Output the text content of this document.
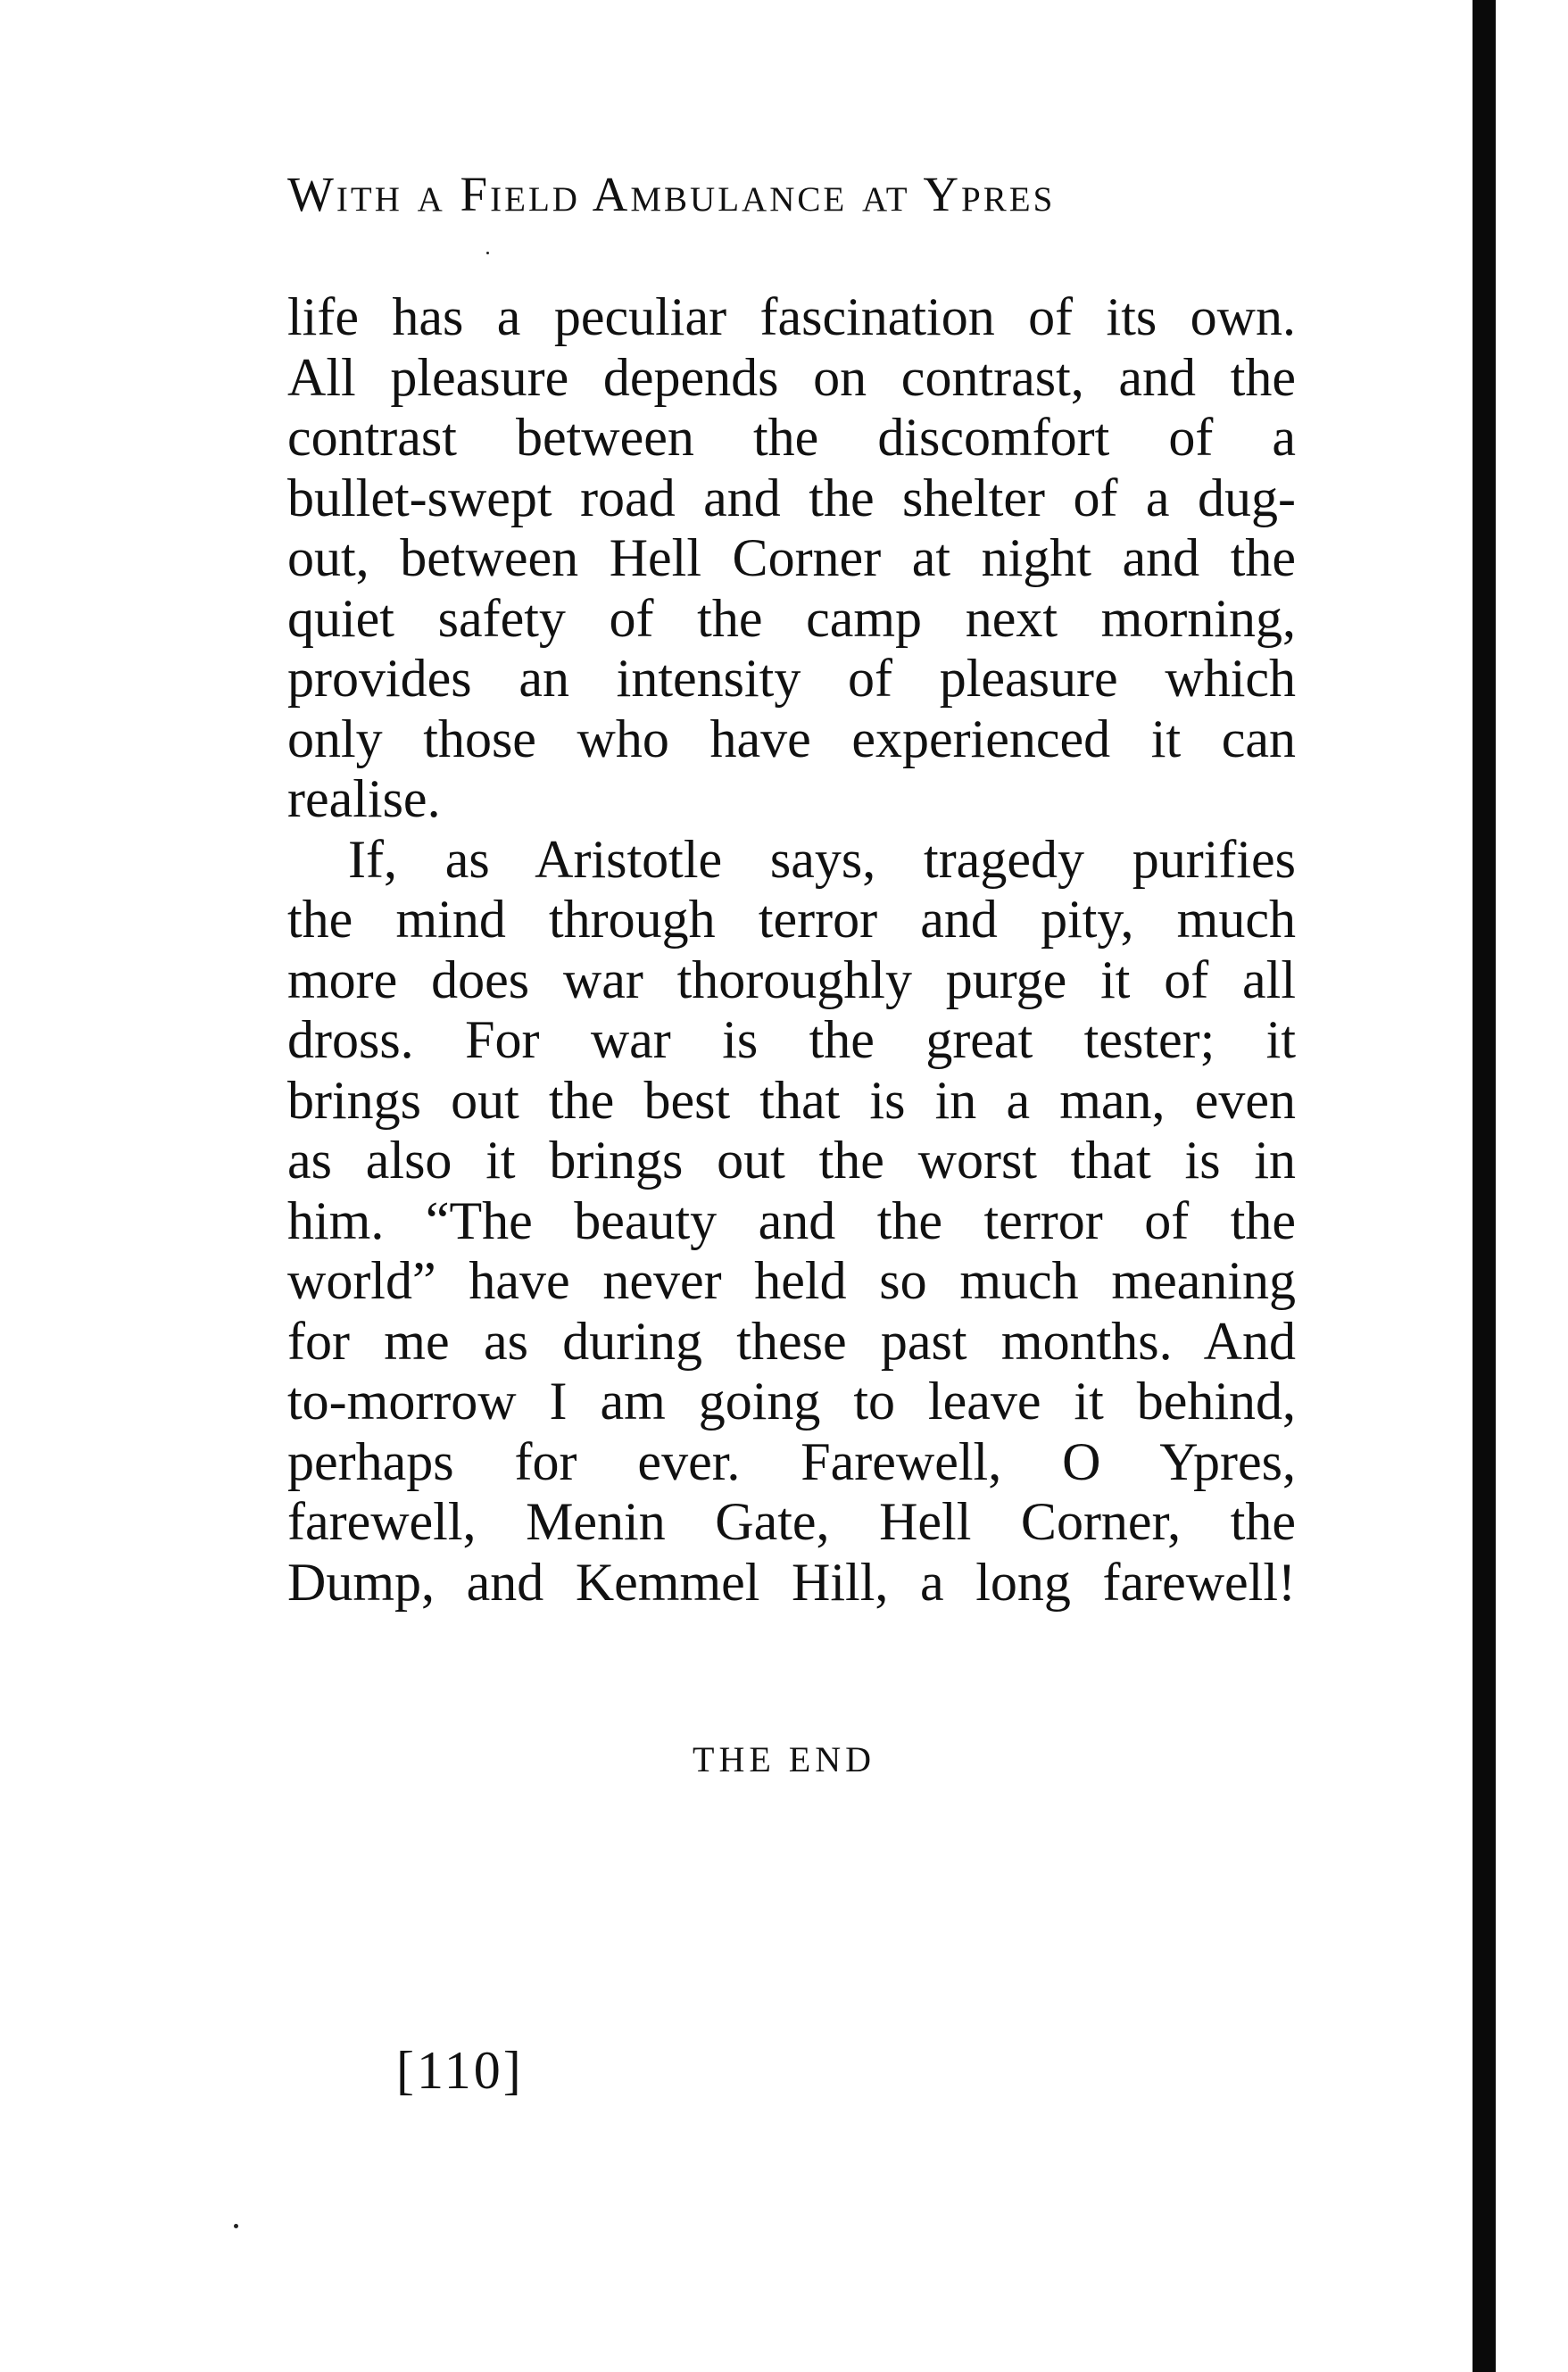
With a Field Ambulance at Ypres
life has a peculiar fascination of its own.
All pleasure depends on contrast, and the
contrast between the discomfort of a
bullet-swept road and the shelter of a dug-
out, between Hell Corner at night and the
quiet safety of the camp next morning,
provides an intensity of pleasure which
only those who have experienced it can
realise.
If, as Aristotle says, tragedy purifies
the mind through terror and pity, much
more does war thoroughly purge it of all
dross. For war is the great tester; it
brings out the best that is in a man, even
as also it brings out the worst that is in
him. “The beauty and the terror of the
world” have never held so much meaning
for me as during these past months. And
to-morrow I am going to leave it behind,
perhaps for ever. Farewell, O Ypres,
farewell, Menin Gate, Hell Corner, the
Dump, and Kemmel Hill, a long farewell!
THE END
[110]
